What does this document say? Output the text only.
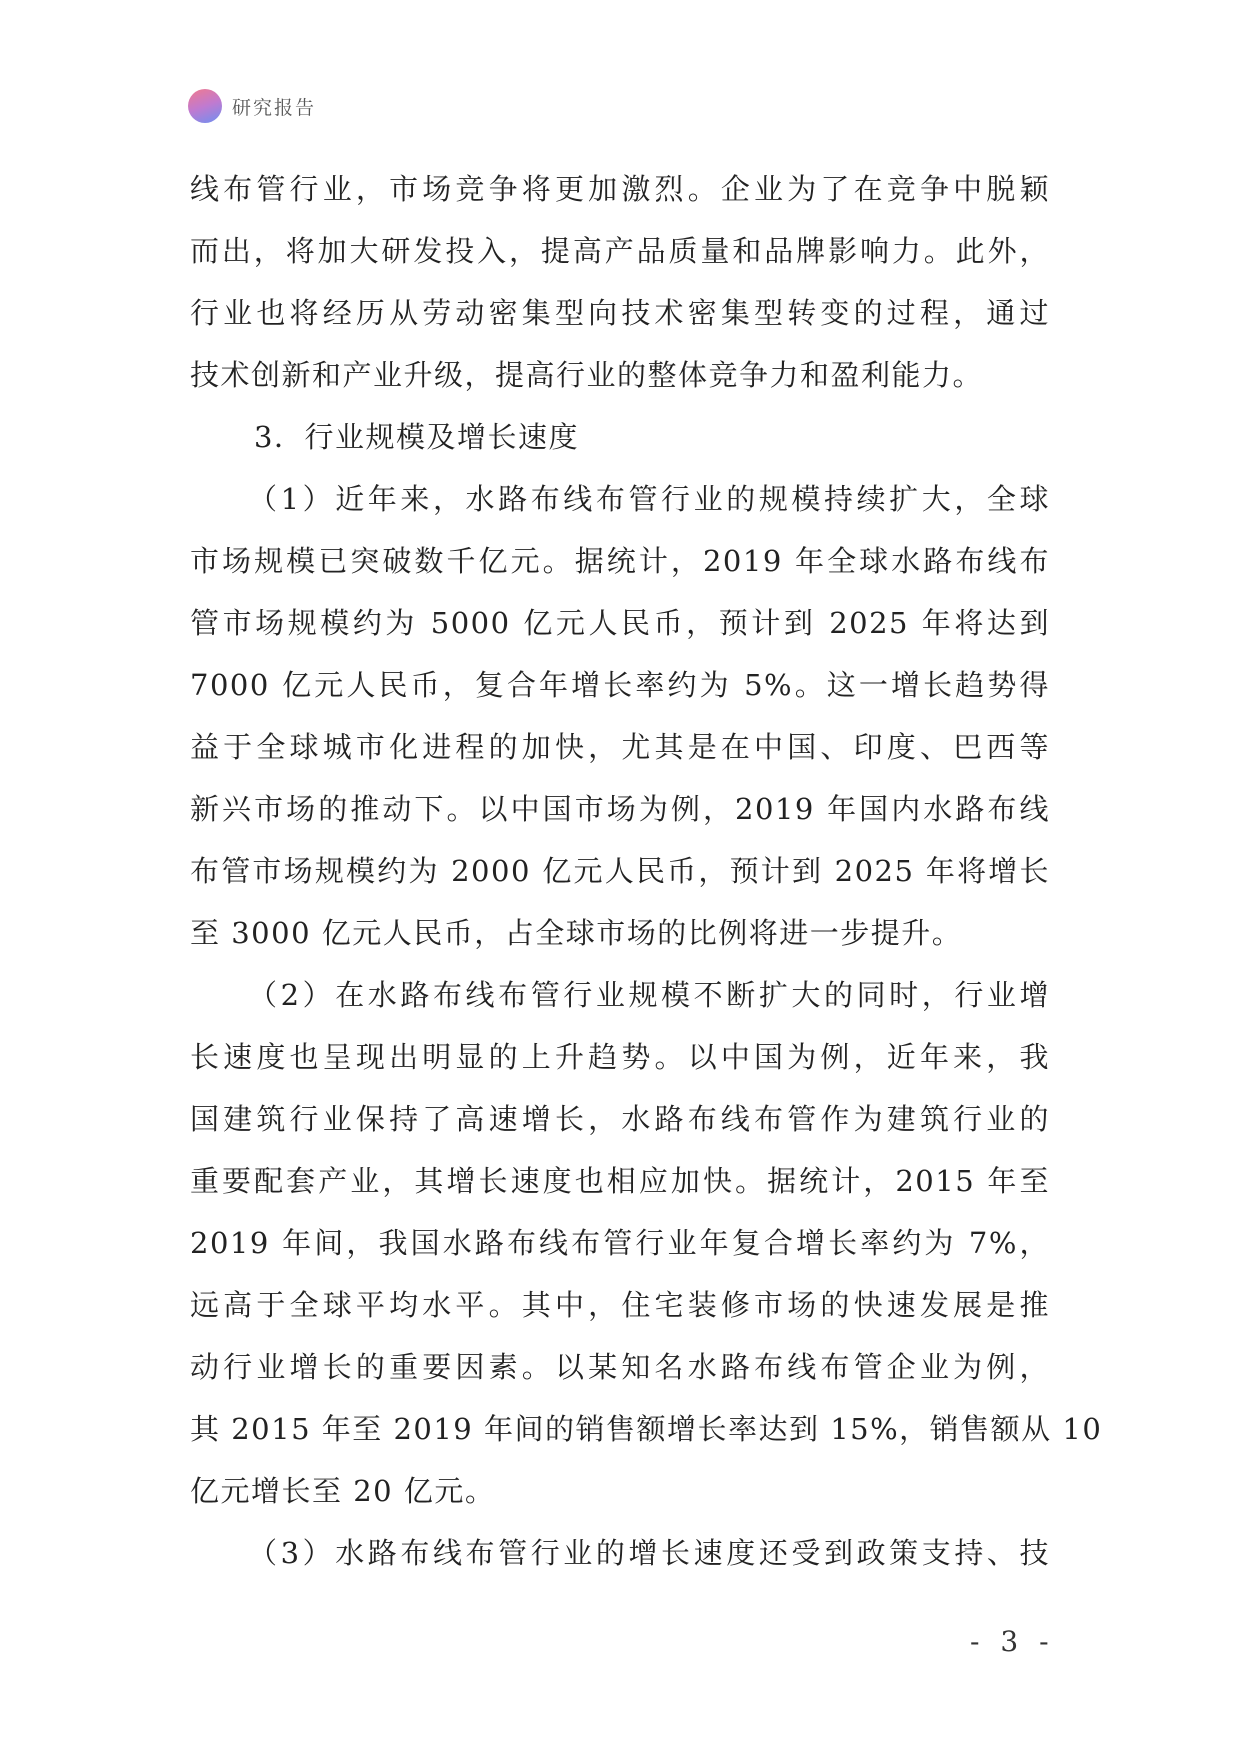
研究报告
线布管行业，市场竞争将更加激烈。企业为了在竞争中脱颖
而出，将加大研发投入，提高产品质量和品牌影响力。此外，
行业也将经历从劳动密集型向技术密集型转变的过程，通过
技术创新和产业升级，提高行业的整体竞争力和盈利能力。
3．行业规模及增长速度
（1）近年来，水路布线布管行业的规模持续扩大，全球
市场规模已突破数千亿元。据统计，2019 年全球水路布线布
管市场规模约为 5000 亿元人民币，预计到 2025 年将达到
7000 亿元人民币，复合年增长率约为 5%。这一增长趋势得
益于全球城市化进程的加快，尤其是在中国、印度、巴西等
新兴市场的推动下。以中国市场为例，2019 年国内水路布线
布管市场规模约为 2000 亿元人民币，预计到 2025 年将增长
至 3000 亿元人民币，占全球市场的比例将进一步提升。
（2）在水路布线布管行业规模不断扩大的同时，行业增
长速度也呈现出明显的上升趋势。以中国为例，近年来，我
国建筑行业保持了高速增长，水路布线布管作为建筑行业的
重要配套产业，其增长速度也相应加快。据统计，2015 年至
2019 年间，我国水路布线布管行业年复合增长率约为 7%，
远高于全球平均水平。其中，住宅装修市场的快速发展是推
动行业增长的重要因素。以某知名水路布线布管企业为例，
其 2015 年至 2019 年间的销售额增长率达到 15%，销售额从 10
亿元增长至 20 亿元。
（3）水路布线布管行业的增长速度还受到政策支持、技
- 3 -
